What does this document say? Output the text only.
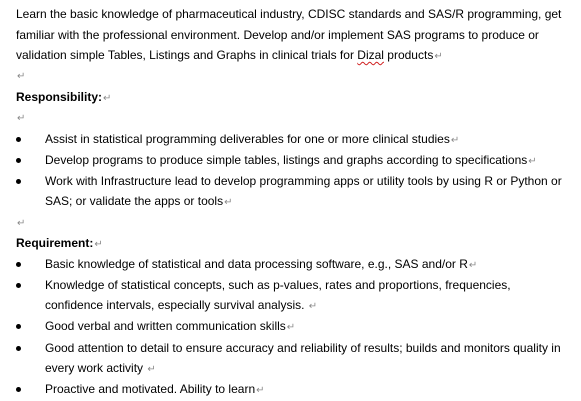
Learn the basic knowledge of pharmaceutical industry, CDISC standards and SAS/R programming, get
familiar with the professional environment. Develop and/or implement SAS programs to produce or
validation simple Tables, Listings and Graphs in clinical trials for Dizal products↵
↵
Responsibility:↵
↵
Assist in statistical programming deliverables for one or more clinical studies↵
Develop programs to produce simple tables, listings and graphs according to specifications↵
Work with Infrastructure lead to develop programming apps or utility tools by using R or Python or
SAS; or validate the apps or tools↵
↵
Requirement:↵
Basic knowledge of statistical and data processing software, e.g., SAS and/or R↵
Knowledge of statistical concepts, such as p-values, rates and proportions, frequencies,
confidence intervals, especially survival analysis. ↵
Good verbal and written communication skills↵
Good attention to detail to ensure accuracy and reliability of results; builds and monitors quality in
every work activity ↵
Proactive and motivated. Ability to learn↵
